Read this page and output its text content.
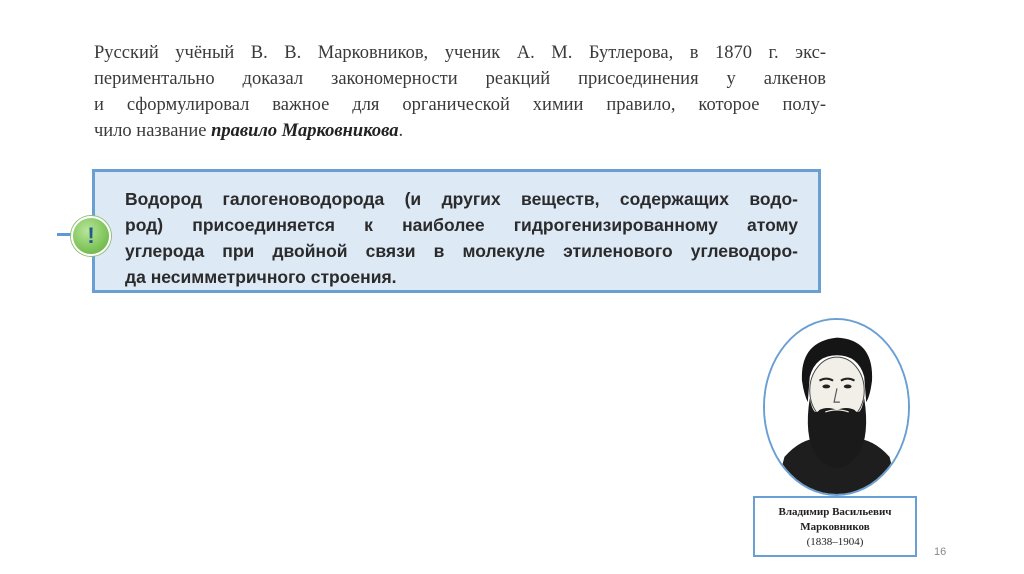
Русский учёный В. В. Марковников, ученик А. М. Бутлерова, в 1870 г. экс-
периментально доказал закономерности реакций присоединения у алкенов
и сформулировал важное для органической химии правило, которое полу-
чило название правило Марковникова.
Водород галогеноводорода (и других веществ, содержащих водо-
род) присоединяется к наиболее гидрогенизированному атому
углерода при двойной связи в молекуле этиленового углеводоро-
да несимметричного строения.
!
Владимир Васильевич
Марковников
(1838–1904)
16
